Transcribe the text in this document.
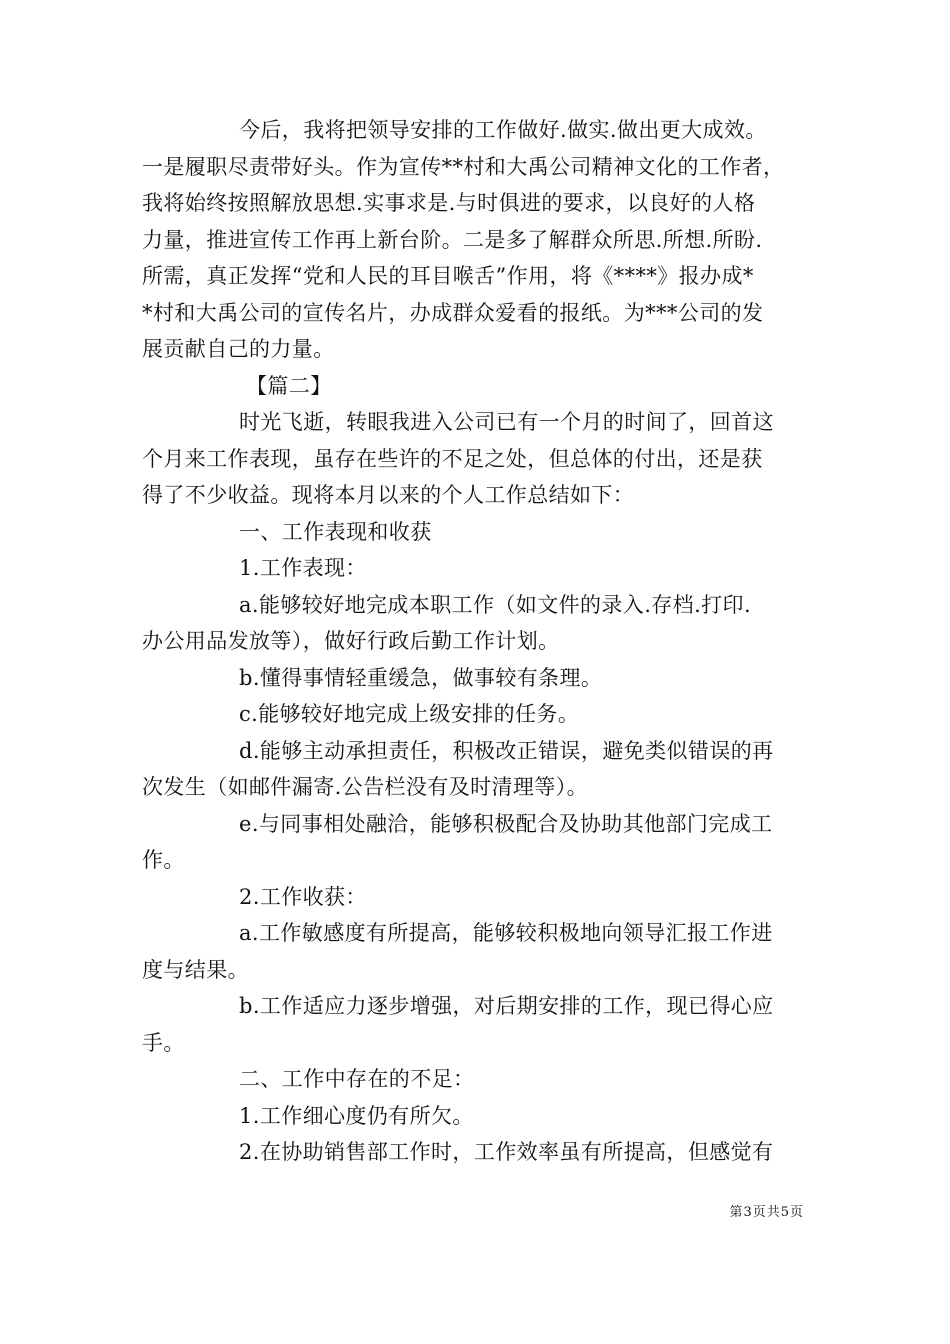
今后，我将把领导安排的工作做好.做实.做出更大成效。
一是履职尽责带好头。作为宣传**村和大禹公司精神文化的工作者，
我将始终按照解放思想.实事求是.与时俱进的要求，以良好的人格
力量，推进宣传工作再上新台阶。二是多了解群众所思.所想.所盼.
所需，真正发挥“党和人民的耳目喉舌”作用，将《****》报办成*
*村和大禹公司的宣传名片，办成群众爱看的报纸。为***公司的发
展贡献自己的力量。
【篇二】
时光飞逝，转眼我进入公司已有一个月的时间了，回首这
个月来工作表现，虽存在些许的不足之处，但总体的付出，还是获
得了不少收益。现将本月以来的个人工作总结如下：
一、工作表现和收获
1.工作表现：
a.能够较好地完成本职工作（如文件的录入.存档.打印.
办公用品发放等），做好行政后勤工作计划。
b.懂得事情轻重缓急，做事较有条理。
c.能够较好地完成上级安排的任务。
d.能够主动承担责任，积极改正错误，避免类似错误的再
次发生（如邮件漏寄.公告栏没有及时清理等）。
e.与同事相处融洽，能够积极配合及协助其他部门完成工
作。
2.工作收获：
a.工作敏感度有所提高，能够较积极地向领导汇报工作进
度与结果。
b.工作适应力逐步增强，对后期安排的工作，现已得心应
手。
二、工作中存在的不足：
1.工作细心度仍有所欠。
2.在协助销售部工作时，工作效率虽有所提高，但感觉有
第3页共5页
